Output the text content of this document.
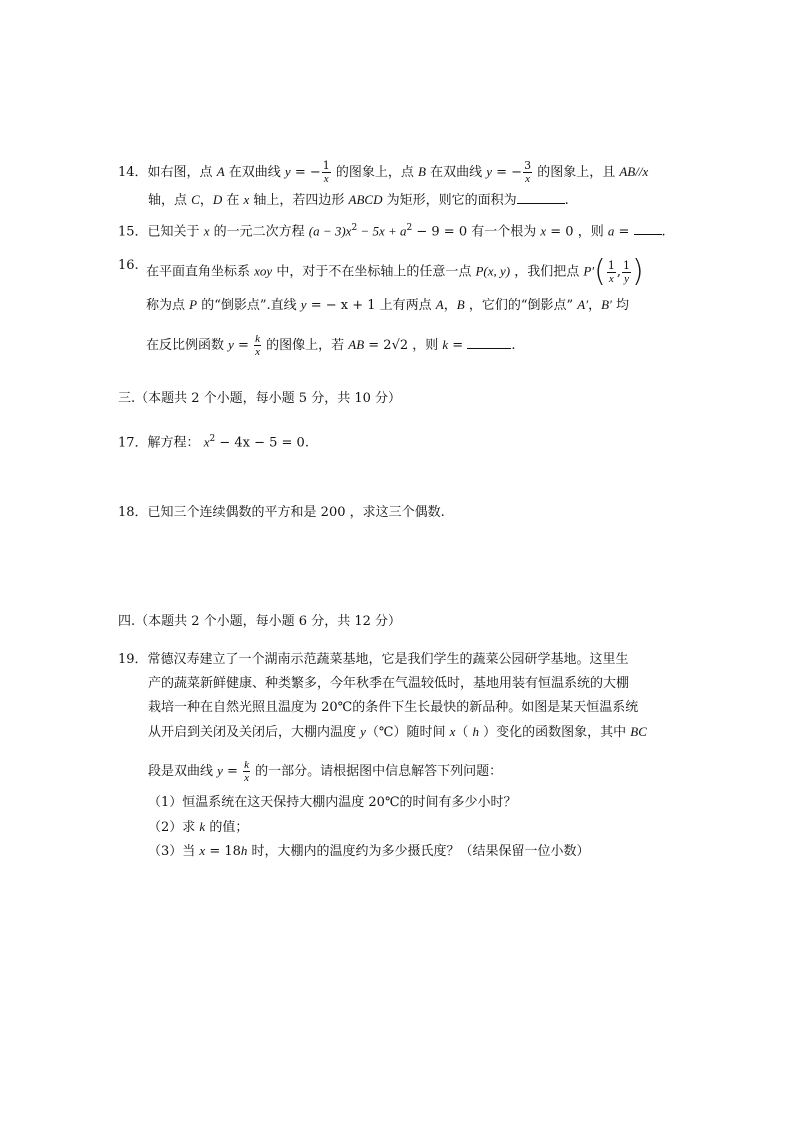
14．如右图，点 A 在双曲线 y = − $\frac{1}{x}$ 的图象上，点 B 在双曲线 y = − $\frac{3}{x}$ 的图象上，且 AB//x
轴，点 C，D 在 x 轴上，若四边形 ABCD 为矩形，则它的面积为	.
15．已知关于 x 的一元二次方程 $(a - 3)x^2 - 5x + a^2 - 9 = 0$ 有一个根为 x = 0 ，则 a = .
16. 在平面直角坐标系 xoy 中，对于不在坐标轴上的任意一点 P(x, y) ，我们把点 $P'( \frac{1}{x}$ , $\frac{1}{y}$ )
称为点 P 的“倒影点”.直线 y = − x + 1 上有两点 A，B ，它们的“倒影点” A′，B′ 均
在反比例函数 $y = \frac{k}{x}$ 的图像上，若 AB = 2√2 ，则 k =	.
三.（本题共 2 个小题，每小题 5 分，共 10 分）
17．解方程： $x^2 - 4x - 5 = 0$.
18．已知三个连续偶数的平方和是 200 ，求这三个偶数.
四.（本题共 2 个小题，每小题 6 分，共 12 分）
19．常德汉寿建立了一个湖南示范蔬菜基地，它是我们学生的蔬菜公园研学基地。这里生
产的蔬菜新鲜健康、种类繁多，今年秋季在气温较低时，基地用装有恒温系统的大棚
栽培一种在自然光照且温度为 20℃的条件下生长最快的新品种。如图是某天恒温系统
从开启到关闭及关闭后，大棚内温度 y（℃）随时间 x（ h ）变化的函数图象，其中 BC
段是双曲线 $y = \frac{k}{x}$ 的一部分。请根据图中信息解答下列问题：
（1）恒温系统在这天保持大棚内温度 20℃的时间有多少小时？
（2）求 k 的值；
（3）当 x = 18h 时，大棚内的温度约为多少摄氏度？（结果保留一位小数）
